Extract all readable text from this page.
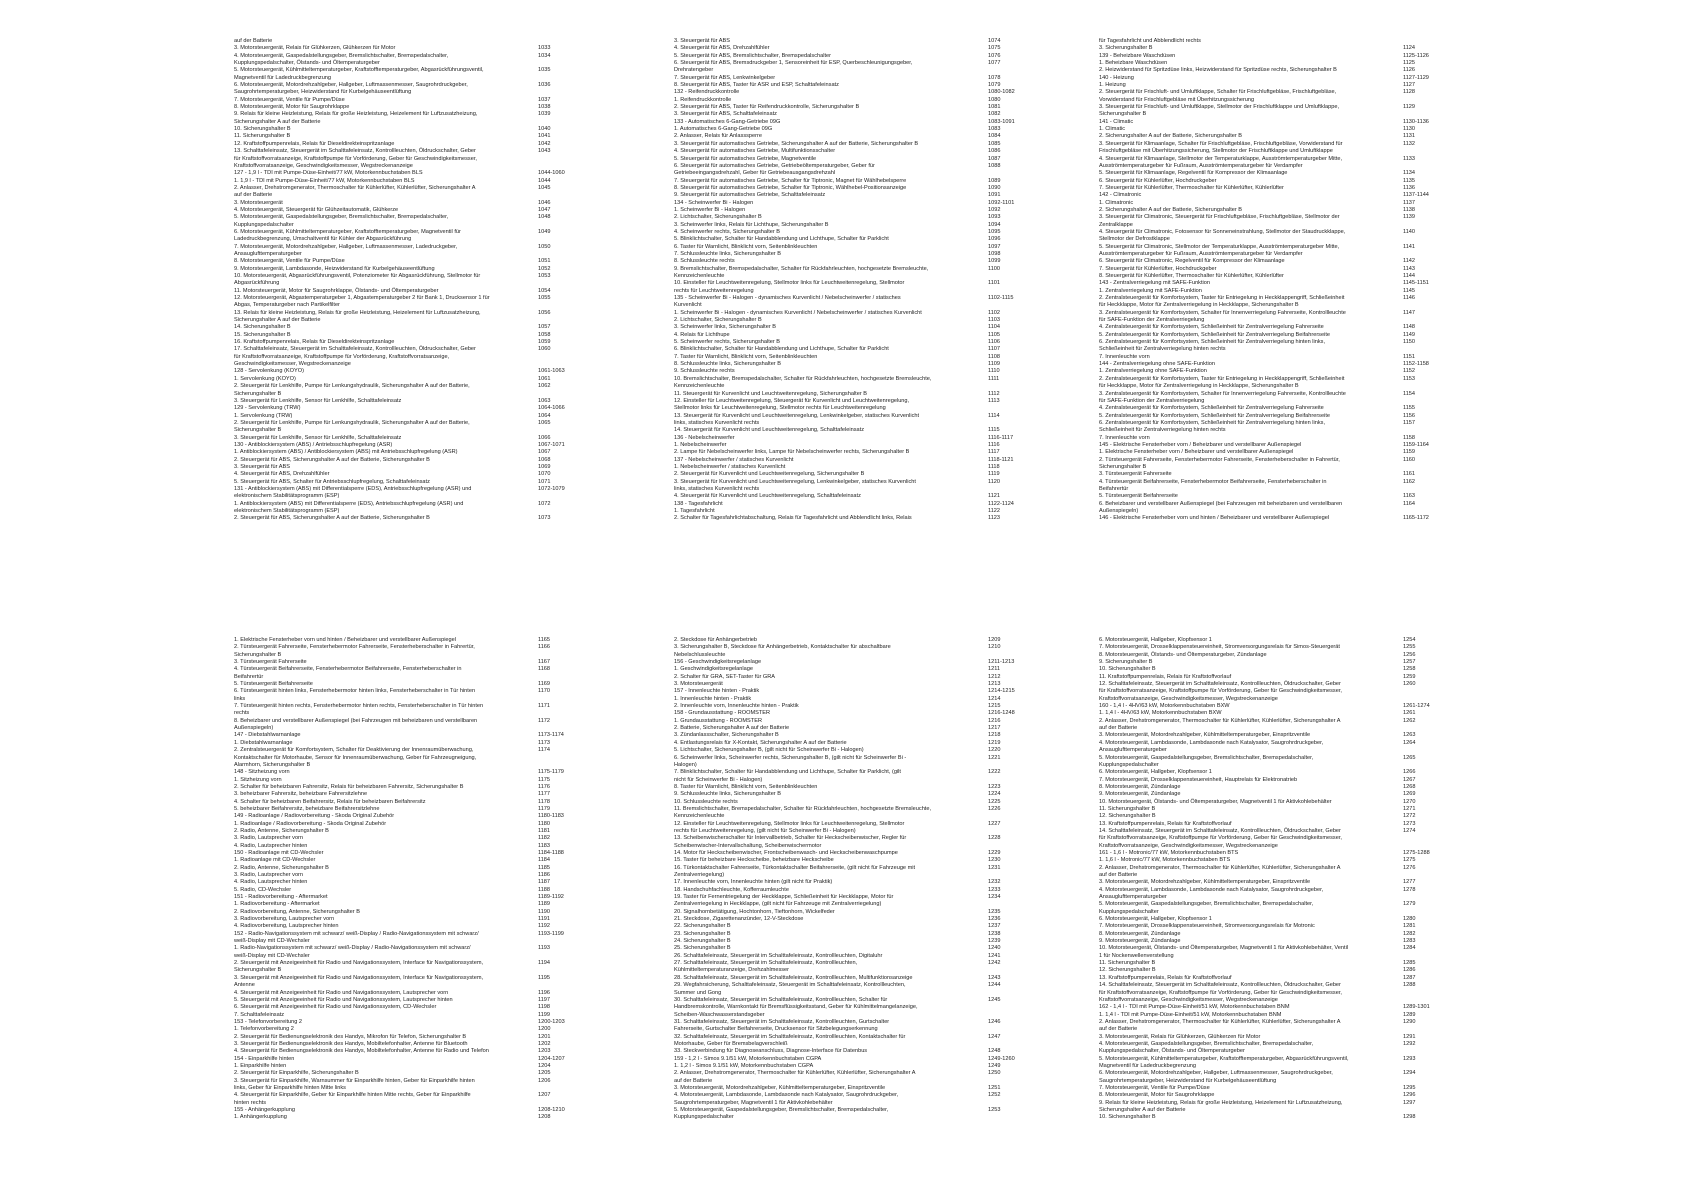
auf der Batterie
3. Motorsteuergerät, Relais für Glühkerzen, Glühkerzen für Motor	1033
4. Motorsteuergerät, Gaspedalstellungsgeber, Bremslichtschalter, Bremspedalschalter,
Kupplungspedalschalter, Ölstands- und Öltemperaturgeber
1034
5. Motorsteuergerät, Kühlmitteltemperaturgeber, Kraftstofftemperaturgeber, Abgasrückführungsventil,
Magnetventil für Ladedruckbegrenzung
1035
6. Motorsteuergerät, Motordrehzahlgeber, Hallgeber, Luftmassenmesser, Saugrohrdruckgeber,
Saugrohrtemperaturgeber, Heizwiderstand für Kurbelgehäuseentlüftung
1036
7. Motorsteuergerät, Ventile für Pumpe/Düse	1037
8. Motorsteuergerät, Motor für Saugrohrklappe	1038
9. Relais für kleine Heizleistung, Relais für große Heizleistung, Heizelement für Luftzusatzheizung,
Sicherungshalter A auf der Batterie
1039
10. Sicherungshalter B	1040
11. Sicherungshalter B	1041
12. Kraftstoffpumpenrelais, Relais für Dieseldirekteinspritzanlage	1042
13. Schalttafeleinsatz, Steuergerät im Schalttafeleinsatz, Kontrollleuchten, Öldruckschalter, Geber
für Kraftstoffvorratsanzeige, Kraftstoffpumpe für Vorförderung, Geber für Geschwindigkeitsmesser,
Kraftstoffvorratsanzeige, Geschwindigkeitsmesser, Wegstreckenanzeige
1043
127 - 1,9 l - TDI mit Pumpe-Düse-Einheit/77 kW, Motorkennbuchstaben BLS	1044-1060
1. 1,9 l - TDI mit Pumpe-Düse-Einheit/77 kW, Motorkennbuchstaben BLS	1044
2. Anlasser, Drehstromgenerator, Thermoschalter für Kühlerlüfter, Kühlerlüfter, Sicherungshalter A
auf der Batterie
1045
3. Motorsteuergerät	1046
4. Motorsteuergerät, Steuergerät für Glühzeitautomatik, Glühkerze	1047
5. Motorsteuergerät, Gaspedalstellungsgeber, Bremslichtschalter, Bremspedalschalter,
Kupplungspedalschalter
1048
6. Motorsteuergerät, Kühlmitteltemperaturgeber, Kraftstofftemperaturgeber, Magnetventil für
Ladedruckbegrenzung, Umschaltventil für Kühler der Abgasrückführung
1049
7. Motorsteuergerät, Motordrehzahlgeber, Hallgeber, Luftmassenmesser, Ladedruckgeber,
Ansauglufttemperaturgeber
1050
8. Motorsteuergerät, Ventile für Pumpe/Düse	1051
9. Motorsteuergerät, Lambdasonde, Heizwiderstand für Kurbelgehäuseentlüftung	1052
10. Motorsteuergerät, Abgasrückführungsventil, Potenziometer für Abgasrückführung, Stellmotor für
Abgasrückführung
1053
11. Motorsteuergerät, Motor für Saugrohrklappe, Ölstands- und Öltemperaturgeber	1054
12. Motorsteuergerät, Abgastemperaturgeber 1, Abgastemperaturgeber 2 für Bank 1, Drucksensor 1 für
Abgas, Temperaturgeber nach Partikelfilter
1055
13. Relais für kleine Heizleistung, Relais für große Heizleistung, Heizelement für Luftzusatzheizung,
Sicherungshalter A auf der Batterie
1056
14. Sicherungshalter B	1057
15. Sicherungshalter B	1058
16. Kraftstoffpumpenrelais, Relais für Dieseldirekteinspritzanlage	1059
17. Schalttafeleinsatz, Steuergerät im Schalttafeleinsatz, Kontrollleuchten, Öldruckschalter, Geber
für Kraftstoffvorratsanzeige, Kraftstoffpumpe für Vorförderung, Kraftstoffvorratsanzeige,
Geschwindigkeitsmesser, Wegstreckenanzeige
1060
128 - Servolenkung (KOYO)	1061-1063
1. Servolenkung (KOYO)	1061
2. Steuergerät für Lenkhilfe, Pumpe für Lenkungshydraulik, Sicherungshalter A auf der Batterie,
Sicherungshalter B
1062
3. Steuergerät für Lenkhilfe, Sensor für Lenkhilfe, Schalttafeleinsatz	1063
129 - Servolenkung (TRW)	1064-1066
1. Servolenkung (TRW)	1064
2. Steuergerät für Lenkhilfe, Pumpe für Lenkungshydraulik, Sicherungshalter A auf der Batterie,
Sicherungshalter B
1065
3. Steuergerät für Lenkhilfe, Sensor für Lenkhilfe, Schalttafeleinsatz	1066
130 - Antiblockiersystem (ABS) / Antriebsschlupfregelung (ASR)	1067-1071
1. Antiblockiersystem (ABS) / Antiblockiersystem (ABS) mit Antriebsschlupfregelung (ASR)	1067
2. Steuergerät für ABS, Sicherungshalter A auf der Batterie, Sicherungshalter B	1068
3. Steuergerät für ABS	1069
4. Steuergerät für ABS, Drehzahlfühler	1070
5. Steuergerät für ABS, Schalter für Antriebsschlupfregelung, Schalttafeleinsatz	1071
131 - Antiblockiersystem (ABS) mit Differentialsperre (EDS), Antriebsschlupfregelung (ASR) und
elektronischem Stabilitätsprogramm (ESP)
1072-1079
1. Antiblockiersystem (ABS) mit Differentialsperre (EDS), Antriebsschlupfregelung (ASR) und
elektronischem Stabilitätsprogramm (ESP)
1072
2. Steuergerät für ABS, Sicherungshalter A auf der Batterie, Sicherungshalter B	1073
3. Steuergerät für ABS	1074
4. Steuergerät für ABS, Drehzahlfühler	1075
5. Steuergerät für ABS, Bremslichtschalter, Bremspedalschalter	1076
6. Steuergerät für ABS, Bremsdruckgeber 1, Sensoreinheit für ESP, Querbeschleunigungsgeber,
Drehratengeber
1077
7. Steuergerät für ABS, Lenkwinkelgeber	1078
8. Steuergerät für ABS, Taster für ASR und ESP, Schalttafeleinsatz	1079
132 - Reifendruckkontrolle	1080-1082
1. Reifendruckkontrolle	1080
2. Steuergerät für ABS, Taster für Reifendruckkontrolle, Sicherungshalter B	1081
3. Steuergerät für ABS, Schalttafeleinsatz	1082
133 - Automatisches 6-Gang-Getriebe 09G	1083-1091
1. Automatisches 6-Gang-Getriebe 09G	1083
2. Anlasser, Relais für Anlasssperre	1084
3. Steuergerät für automatisches Getriebe, Sicherungshalter A auf der Batterie, Sicherungshalter B	1085
4. Steuergerät für automatisches Getriebe, Multifunktionsschalter	1086
5. Steuergerät für automatisches Getriebe, Magnetventile	1087
6. Steuergerät für automatisches Getriebe, Getriebeöltemperaturgeber, Geber für
Getriebeeingangsdrehzahl, Geber für Getriebeausgangsdrehzahl
1088
7. Steuergerät für automatisches Getriebe, Schalter für Tiptronic, Magnet für Wählhebelsperre	1089
8. Steuergerät für automatisches Getriebe, Schalter für Tiptronic, Wählhebel-Positionsanzeige	1090
9. Steuergerät für automatisches Getriebe, Schalttafeleinsatz	1091
134 - Scheinwerfer Bi - Halogen	1092-1101
1. Scheinwerfer Bi - Halogen	1092
2. Lichtschalter, Sicherungshalter B	1093
3. Scheinwerfer links, Relais für Lichthupe, Sicherungshalter B	1094
4. Scheinwerfer rechts, Sicherungshalter B	1095
5. Blinklichtschalter, Schalter für Handabblendung und Lichthupe, Schalter für Parklicht	1096
6. Taster für Warnlicht, Blinklicht vorn, Seitenblinkleuchten	1097
7. Schlussleuchte links, Sicherungshalter B	1098
8. Schlussleuchte rechts	1099
9. Bremslichtschalter, Bremspedalschalter, Schalter für Rückfahrleuchten, hochgesetzte Bremsleuchte,
Kennzeichenleuchte
1100
10. Einsteller für Leuchtweitenregelung, Stellmotor links für Leuchtweitenregelung, Stellmotor
rechts für Leuchtweitenregelung
1101
135 - Scheinwerfer Bi - Halogen - dynamisches Kurvenlicht / Nebelscheinwerfer / statisches
Kurvenlicht
1102-1115
1. Scheinwerfer Bi - Halogen - dynamisches Kurvenlicht / Nebelscheinwerfer / statisches Kurvenlicht	1102
2. Lichtschalter, Sicherungshalter B	1103
3. Scheinwerfer links, Sicherungshalter B	1104
4. Relais für Lichthupe	1105
5. Scheinwerfer rechts, Sicherungshalter B	1106
6. Blinklichtschalter, Schalter für Handabblendung und Lichthupe, Schalter für Parklicht	1107
7. Taster für Warnlicht, Blinklicht vorn, Seitenblinkleuchten	1108
8. Schlussleuchte links, Sicherungshalter B	1109
9. Schlussleuchte rechts	1110
10. Bremslichtschalter, Bremspedalschalter, Schalter für Rückfahrleuchten, hochgesetzte Bremsleuchte,
Kennzeichenleuchte
1111
11. Steuergerät für Kurvenlicht und Leuchtweitenregelung, Sicherungshalter B	1112
12. Einsteller für Leuchtweitenregelung, Steuergerät für Kurvenlicht und Leuchtweitenregelung,
Stellmotor links für Leuchtweitenregelung, Stellmotor rechts für Leuchtweitenregelung
1113
13. Steuergerät für Kurvenlicht und Leuchtweitenregelung, Lenkwinkelgeber, statisches Kurvenlicht
links, statisches Kurvenlicht rechts
1114
14. Steuergerät für Kurvenlicht und Leuchtweitenregelung, Schalttafeleinsatz	1115
136 - Nebelscheinwerfer	1116-1117
1. Nebelscheinwerfer	1116
2. Lampe für Nebelscheinwerfer links, Lampe für Nebelscheinwerfer rechts, Sicherungshalter B	1117
137 - Nebelscheinwerfer / statisches Kurvenlicht	1118-1121
1. Nebelscheinwerfer / statisches Kurvenlicht	1118
2. Steuergerät für Kurvenlicht und Leuchtweitenregelung, Sicherungshalter B	1119
3. Steuergerät für Kurvenlicht und Leuchtweitenregelung, Lenkwinkelgeber, statisches Kurvenlicht
links, statisches Kurvenlicht rechts
1120
4. Steuergerät für Kurvenlicht und Leuchtweitenregelung, Schalttafeleinsatz	1121
138 - Tagesfahrlicht	1122-1124
1. Tagesfahrlicht	1122
2. Schalter für Tagesfahrlichtabschaltung, Relais für Tagesfahrlicht und Abblendlicht links, Relais	1123
für Tagesfahrlicht und Abblendlicht rechts
3. Sicherungshalter B	1124
139 - Beheizbare Waschdüsen	1125-1126
1. Beheizbare Waschdüsen	1125
2. Heizwiderstand für Spritzdüse links, Heizwiderstand für Spritzdüse rechts, Sicherungshalter B	1126
140 - Heizung	1127-1129
1. Heizung	1127
2. Steuergerät für Frischluft- und Umluftklappe, Schalter für Frischluftgebläse, Frischluftgebläse,
Vorwiderstand für Frischluftgebläse mit Überhitzungssicherung
1128
3. Steuergerät für Frischluft- und Umluftklappe, Stellmotor der Frischluftklappe und Umluftklappe,
Sicherungshalter B
1129
141 - Climatic	1130-1136
1. Climatic	1130
2. Sicherungshalter A auf der Batterie, Sicherungshalter B	1131
3. Steuergerät für Klimaanlage, Schalter für Frischluftgebläse, Frischluftgebläse, Vorwiderstand für
Frischluftgebläse mit Überhitzungssicherung, Stellmotor der Frischluftklappe und Umluftklappe
1132
4. Steuergerät für Klimaanlage, Stellmotor der Temperaturklappe, Ausströmtemperaturgeber Mitte,
Ausströmtemperaturgeber für Fußraum, Ausströmtemperaturgeber für Verdampfer
1133
5. Steuergerät für Klimaanlage, Regelventil für Kompressor der Klimaanlage	1134
6. Steuergerät für Kühlerlüfter, Hochdruckgeber	1135
7. Steuergerät für Kühlerlüfter, Thermoschalter für Kühlerlüfter, Kühlerlüfter	1136
142 - Climatronic	1137-1144
1. Climatronic	1137
2. Sicherungshalter A auf der Batterie, Sicherungshalter B	1138
3. Steuergerät für Climatronic, Steuergerät für Frischluftgebläse, Frischluftgebläse, Stellmotor der
Zentralklappe
1139
4. Steuergerät für Climatronic, Fotosensor für Sonneneinstrahlung, Stellmotor der Staudruckklappe,
Stellmotor der Defrostklappe
1140
5. Steuergerät für Climatronic, Stellmotor der Temperaturklappe, Ausströmtemperaturgeber Mitte,
Ausströmtemperaturgeber für Fußraum, Ausströmtemperaturgeber für Verdampfer
1141
6. Steuergerät für Climatronic, Regelventil für Kompressor der Klimaanlage	1142
7. Steuergerät für Kühlerlüfter, Hochdruckgeber	1143
8. Steuergerät für Kühlerlüfter, Thermoschalter für Kühlerlüfter, Kühlerlüfter	1144
143 - Zentralverriegelung mit SAFE-Funktion	1145-1151
1. Zentralverriegelung mit SAFE-Funktion	1145
2. Zentralsteuergerät für Komfortsystem, Taster für Entriegelung in Heckklappengriff, Schließeinheit
für Heckklappe, Motor für Zentralverriegelung in Heckklappe, Sicherungshalter B
1146
3. Zentralsteuergerät für Komfortsystem, Schalter für Innenverriegelung Fahrerseite, Kontrollleuchte
für SAFE-Funktion der Zentralverriegelung
1147
4. Zentralsteuergerät für Komfortsystem, Schließeinheit für Zentralverriegelung Fahrerseite	1148
5. Zentralsteuergerät für Komfortsystem, Schließeinheit für Zentralverriegelung Beifahrerseite	1149
6. Zentralsteuergerät für Komfortsystem, Schließeinheit für Zentralverriegelung hinten links,
Schließeinheit für Zentralverriegelung hinten rechts
1150
7. Innenleuchte vorn	1151
144 - Zentralverriegelung ohne SAFE-Funktion	1152-1158
1. Zentralverriegelung ohne SAFE-Funktion	1152
2. Zentralsteuergerät für Komfortsystem, Taster für Entriegelung in Heckklappengriff, Schließeinheit
für Heckklappe, Motor für Zentralverriegelung in Heckklappe, Sicherungshalter B
1153
3. Zentralsteuergerät für Komfortsystem, Schalter für Innenverriegelung Fahrerseite, Kontrollleuchte
für SAFE-Funktion der Zentralverriegelung
1154
4. Zentralsteuergerät für Komfortsystem, Schließeinheit für Zentralverriegelung Fahrerseite	1155
5. Zentralsteuergerät für Komfortsystem, Schließeinheit für Zentralverriegelung Beifahrerseite	1156
6. Zentralsteuergerät für Komfortsystem, Schließeinheit für Zentralverriegelung hinten links,
Schließeinheit für Zentralverriegelung hinten rechts
1157
7. Innenleuchte vorn	1158
145 - Elektrische Fensterheber vorn / Beheizbarer und verstellbarer Außenspiegel	1159-1164
1. Elektrische Fensterheber vorn / Beheizbarer und verstellbarer Außenspiegel	1159
2. Türsteuergerät Fahrerseite, Fensterhebermotor Fahrerseite, Fensterheberschalter in Fahrertür,
Sicherungshalter B
1160
3. Türsteuergerät Fahrerseite	1161
4. Türsteuergerät Beifahrerseite, Fensterhebermotor Beifahrerseite, Fensterheberschalter in
Beifahrertür
1162
5. Türsteuergerät Beifahrerseite	1163
6. Beheizbarer und verstellbarer Außenspiegel (bei Fahrzeugen mit beheizbaren und verstellbaren
Außenspiegeln)
1164
146 - Elektrische Fensterheber vorn und hinten / Beheizbarer und verstellbarer Außenspiegel	1165-1172
1. Elektrische Fensterheber vorn und hinten / Beheizbarer und verstellbarer Außenspiegel	1165
2. Türsteuergerät Fahrerseite, Fensterhebermotor Fahrerseite, Fensterheberschalter in Fahrertür,
Sicherungshalter B
1166
3. Türsteuergerät Fahrerseite	1167
4. Türsteuergerät Beifahrerseite, Fensterhebermotor Beifahrerseite, Fensterheberschalter in
Beifahrertür
1168
5. Türsteuergerät Beifahrerseite	1169
6. Türsteuergerät hinten links, Fensterhebermotor hinten links, Fensterheberschalter in Tür hinten
links
1170
7. Türsteuergerät hinten rechts, Fensterhebermotor hinten rechts, Fensterheberschalter in Tür hinten
rechts
1171
8. Beheizbarer und verstellbarer Außenspiegel (bei Fahrzeugen mit beheizbaren und verstellbaren
Außenspiegeln)
1172
147 - Diebstahlwarnanlage	1173-1174
1. Diebstahlwarnanlage	1173
2. Zentralsteuergerät für Komfortsystem, Schalter für Deaktivierung der Innenraumüberwachung,
Kontaktschalter für Motorhaube, Sensor für Innenraumüberwachung, Geber für Fahrzeugneigung,
Alarmhorn, Sicherungshalter B
1174
148 - Sitzheizung vorn	1175-1179
1. Sitzheizung vorn	1175
2. Schalter für beheizbaren Fahrersitz, Relais für beheizbaren Fahrersitz, Sicherungshalter B	1176
3. beheizbarer Fahrersitz, beheizbare Fahrersitzlehne	1177
4. Schalter für beheizbaren Beifahrersitz, Relais für beheizbaren Beifahrersitz	1178
5. beheizbarer Beifahrersitz, beheizbare Beifahrersitzlehne	1179
149 - Radioanlage / Radiovorbereitung - Skoda Original Zubehör	1180-1183
1. Radioanlage / Radiovorbereitung - Skoda Original Zubehör	1180
2. Radio, Antenne, Sicherungshalter B	1181
3. Radio, Lautsprecher vorn	1182
4. Radio, Lautsprecher hinten	1183
150 - Radioanlage mit CD-Wechsler	1184-1188
1. Radioanlage mit CD-Wechsler	1184
2. Radio, Antenne, Sicherungshalter B	1185
3. Radio, Lautsprecher vorn	1186
4. Radio, Lautsprecher hinten	1187
5. Radio, CD-Wechsler	1188
151 - Radiovorbereitung - Aftermarket	1189-1192
1. Radiovorbereitung - Aftermarket	1189
2. Radiovorbereitung, Antenne, Sicherungshalter B	1190
3. Radiovorbereitung, Lautsprecher vorn	1191
4. Radiovorbereitung, Lautsprecher hinten	1192
152 - Radio-Navigationssystem mit schwarz/ weiß-Display / Radio-Navigationssystem mit schwarz/
weiß-Display mit CD-Wechsler
1193-1199
1. Radio-Navigationssystem mit schwarz/ weiß-Display / Radio-Navigationssystem mit schwarz/
weiß-Display mit CD-Wechsler
1193
2. Steuergerät mit Anzeigeeinheit für Radio und Navigationssystem, Interface für Navigationssystem,
Sicherungshalter B
1194
3. Steuergerät mit Anzeigeeinheit für Radio und Navigationssystem, Interface für Navigationssystem,
Antenne
1195
4. Steuergerät mit Anzeigeeinheit für Radio und Navigationssystem, Lautsprecher vorn	1196
5. Steuergerät mit Anzeigeeinheit für Radio und Navigationssystem, Lautsprecher hinten	1197
6. Steuergerät mit Anzeigeeinheit für Radio und Navigationssystem, CD-Wechsler	1198
7. Schalttafeleinsatz	1199
153 - Telefonvorbereitung 2	1200-1203
1. Telefonvorbereitung 2	1200
2. Steuergerät für Bedienungselektronik des Handys, Mikrofon für Telefon, Sicherungshalter B	1201
3. Steuergerät für Bedienungselektronik des Handys, Mobiltelefonhalter, Antenne für Bluetooth	1202
4. Steuergerät für Bedienungselektronik des Handys, Mobiltelefonhalter, Antenne für Radio und Telefon	1203
154 - Einparkhilfe hinten	1204-1207
1. Einparkhilfe hinten	1204
2. Steuergerät für Einparkhilfe, Sicherungshalter B	1205
3. Steuergerät für Einparkhilfe, Warnsummer für Einparkhilfe hinten, Geber für Einparkhilfe hinten
links, Geber für Einparkhilfe hinten Mitte links
1206
4. Steuergerät für Einparkhilfe, Geber für Einparkhilfe hinten Mitte rechts, Geber für Einparkhilfe
hinten rechts
1207
155 - Anhängerkupplung	1208-1210
1. Anhängerkupplung	1208
2. Steckdose für Anhängerbetrieb	1209
3. Sicherungshalter B, Steckdose für Anhängerbetrieb, Kontaktschalter für abschaltbare
Nebelschlussleuchte
1210
156 - Geschwindigkeitsregelanlage	1211-1213
1. Geschwindigkeitsregelanlage	1211
2. Schalter für GRA, SET-Taster für GRA	1212
3. Motorsteuergerät	1213
157 - Innenleuchte hinten - Praktik	1214-1215
1. Innenleuchte hinten - Praktik	1214
2. Innenleuchte vorn, Innenleuchte hinten - Praktik	1215
158 - Grundausstattung - ROOMSTER	1216-1248
1. Grundausstattung - ROOMSTER	1216
2. Batterie, Sicherungshalter A auf der Batterie	1217
3. Zündanlassschalter, Sicherungshalter B	1218
4. Entlastungsrelais für X-Kontakt, Sicherungshalter A auf der Batterie	1219
5. Lichtschalter, Sicherungshalter B, (gilt nicht für Scheinwerfer Bi - Halogen)	1220
6. Scheinwerfer links, Scheinwerfer rechts, Sicherungshalter B, (gilt nicht für Scheinwerfer Bi -
Halogen)
1221
7. Blinklichtschalter, Schalter für Handabblendung und Lichthupe, Schalter für Parklicht, (gilt
nicht für Scheinwerfer Bi - Halogen)
1222
8. Taster für Warnlicht, Blinklicht vorn, Seitenblinkleuchten	1223
9. Schlussleuchte links, Sicherungshalter B	1224
10. Schlussleuchte rechts	1225
11. Bremslichtschalter, Bremspedalschalter, Schalter für Rückfahrleuchten, hochgesetzte Bremsleuchte,
Kennzeichenleuchte
1226
12. Einsteller für Leuchtweitenregelung, Stellmotor links für Leuchtweitenregelung, Stellmotor
rechts für Leuchtweitenregelung, (gilt nicht für Scheinwerfer Bi - Halogen)
1227
13. Scheibenwischerschalter für Intervallbetrieb, Schalter für Heckscheibenwischer, Regler für
Scheibenwischer-Intervallschaltung, Scheibenwischermotor
1228
14. Motor für Heckscheibenwischer, Frontscheibenwasch- und Heckscheibenwaschpumpe	1229
15. Taster für beheizbare Heckscheibe, beheizbare Heckscheibe	1230
16. Türkontaktschalter Fahrerseite, Türkontaktschalter Beifahrerseite, (gilt nicht für Fahrzeuge mit
Zentralverriegelung)
1231
17. Innenleuchte vorn, Innenleuchte hinten (gilt nicht für Praktik)	1232
18. Handschuhfachleuchte, Kofferraumleuchte	1233
19. Taster für Fernentriegelung der Heckklappe, Schließeinheit für Heckklappe, Motor für
Zentralverriegelung in Heckklappe, (gilt nicht für Fahrzeuge mit Zentralverriegelung)
1234
20. Signalhornbetätigung, Hochtonhorn, Tieftonhorn, Wickelfeder	1235
21. Steckdose, Zigarettenanzünder, 12-V-Steckdose	1236
22. Sicherungshalter B	1237
23. Sicherungshalter B	1238
24. Sicherungshalter B	1239
25. Sicherungshalter B	1240
26. Schalttafeleinsatz, Steuergerät im Schalttafeleinsatz, Kontrollleuchten, Digitaluhr	1241
27. Schalttafeleinsatz, Steuergerät im Schalttafeleinsatz, Kontrollleuchten,
Kühlmitteltemperaturanzeige, Drehzahlmesser
1242
28. Schalttafeleinsatz, Steuergerät im Schalttafeleinsatz, Kontrollleuchten, Multifunktionsanzeige	1243
29. Wegfahrsicherung, Schalttafeleinsatz, Steuergerät im Schalttafeleinsatz, Kontrollleuchten,
Summer und Gong
1244
30. Schalttafeleinsatz, Steuergerät im Schalttafeleinsatz, Kontrollleuchten, Schalter für
Handbremskontrolle, Warnkontakt für Bremsflüssigkeitsstand, Geber für Kühlmittelmangelanzeige,
Scheiben-Waschwasserstandsgeber
1245
31. Schalttafeleinsatz, Steuergerät im Schalttafeleinsatz, Kontrollleuchten, Gurtschalter
Fahrerseite, Gurtschalter Beifahrerseite, Drucksensor für Sitzbelegungserkennung
1246
32. Schalttafeleinsatz, Steuergerät im Schalttafeleinsatz, Kontrollleuchten, Kontaktschalter für
Motorhaube, Geber für Bremsbelagverschleiß
1247
33. Steckverbindung für Diagnoseanschluss, Diagnose-Interface für Datenbus	1248
159 - 1,2 l - Simos 9.1/51 kW, Motorkennbuchstaben CGPA	1249-1260
1. 1,2 l - Simos 9.1/51 kW, Motorkennbuchstaben CGPA	1249
2. Anlasser, Drehstromgenerator, Thermoschalter für Kühlerlüfter, Kühlerlüfter, Sicherungshalter A
auf der Batterie
1250
3. Motorsteuergerät, Motordrehzahlgeber, Kühlmitteltemperaturgeber, Einspritzventile	1251
4. Motorsteuergerät, Lambdasonde, Lambdasonde nach Katalysator, Saugrohrdruckgeber,
Saugrohrtemperaturgeber, Magnetventil 1 für Aktivkohlebehälter
1252
5. Motorsteuergerät, Gaspedalstellungsgeber, Bremslichtschalter, Bremspedalschalter,
Kupplungspedalschalter
1253
6. Motorsteuergerät, Hallgeber, Klopfsensor 1	1254
7. Motorsteuergerät, Drosselklappensteuereinheit, Stromversorgungsrelais für Simos-Steuergerät	1255
8. Motorsteuergerät, Ölstands- und Öltemperaturgeber, Zündanlage	1256
9. Sicherungshalter B	1257
10. Sicherungshalter B	1258
11. Kraftstoffpumpenrelais, Relais für Kraftstoffvorlauf	1259
12. Schalttafeleinsatz, Steuergerät im Schalttafeleinsatz, Kontrollleuchten, Öldruckschalter, Geber
für Kraftstoffvorratsanzeige, Kraftstoffpumpe für Vorförderung, Geber für Geschwindigkeitsmesser,
Kraftstoffvorratsanzeige, Geschwindigkeitsmesser, Wegstreckenanzeige
1260
160 - 1,4 l - 4HV/63 kW, Motorkennbuchstaben BXW	1261-1274
1. 1,4 l - 4HV/63 kW, Motorkennbuchstaben BXW	1261
2. Anlasser, Drehstromgenerator, Thermoschalter für Kühlerlüfter, Kühlerlüfter, Sicherungshalter A
auf der Batterie
1262
3. Motorsteuergerät, Motordrehzahlgeber, Kühlmitteltemperaturgeber, Einspritzventile	1263
4. Motorsteuergerät, Lambdasonde, Lambdasonde nach Katalysator, Saugrohrdruckgeber,
Ansauglufttemperaturgeber
1264
5. Motorsteuergerät, Gaspedalstellungsgeber, Bremslichtschalter, Bremspedalschalter,
Kupplungspedalschalter
1265
6. Motorsteuergerät, Hallgeber, Klopfsensor 1	1266
7. Motorsteuergerät, Drosselklappensteuereinheit, Hauptrelais für Elektronatrieb	1267
8. Motorsteuergerät, Zündanlage	1268
9. Motorsteuergerät, Zündanlage	1269
10. Motorsteuergerät, Ölstands- und Öltemperaturgeber, Magnetventil 1 für Aktivkohlebehälter	1270
11. Sicherungshalter B	1271
12. Sicherungshalter B	1272
13. Kraftstoffpumpenrelais, Relais für Kraftstoffvorlauf	1273
14. Schalttafeleinsatz, Steuergerät im Schalttafeleinsatz, Kontrollleuchten, Öldruckschalter, Geber
für Kraftstoffvorratsanzeige, Kraftstoffpumpe für Vorförderung, Geber für Geschwindigkeitsmesser,
Kraftstoffvorratsanzeige, Geschwindigkeitsmesser, Wegstreckenanzeige
1274
161 - 1,6 l - Motronic/77 kW, Motorkennbuchstaben BTS	1275-1288
1. 1,6 l - Motronic/77 kW, Motorkennbuchstaben BTS	1275
2. Anlasser, Drehstromgenerator, Thermoschalter für Kühlerlüfter, Kühlerlüfter, Sicherungshalter A
auf der Batterie
1276
3. Motorsteuergerät, Motordrehzahlgeber, Kühlmitteltemperaturgeber, Einspritzventile	1277
4. Motorsteuergerät, Lambdasonde, Lambdasonde nach Katalysator, Saugrohrdruckgeber,
Ansauglufttemperaturgeber
1278
5. Motorsteuergerät, Gaspedalstellungsgeber, Bremslichtschalter, Bremspedalschalter,
Kupplungspedalschalter
1279
6. Motorsteuergerät, Hallgeber, Klopfsensor 1	1280
7. Motorsteuergerät, Drosselklappensteuereinheit, Stromversorgungsrelais für Motronic	1281
8. Motorsteuergerät, Zündanlage	1282
9. Motorsteuergerät, Zündanlage	1283
10. Motorsteuergerät, Ölstands- und Öltemperaturgeber, Magnetventil 1 für Aktivkohlebehälter, Ventil
1 für Nockenwellenverstellung
1284
11. Sicherungshalter B	1285
12. Sicherungshalter B	1286
13. Kraftstoffpumpenrelais, Relais für Kraftstoffvorlauf	1287
14. Schalttafeleinsatz, Steuergerät im Schalttafeleinsatz, Kontrollleuchten, Öldruckschalter, Geber
für Kraftstoffvorratsanzeige, Kraftstoffpumpe für Vorförderung, Geber für Geschwindigkeitsmesser,
Kraftstoffvorratsanzeige, Geschwindigkeitsmesser, Wegstreckenanzeige
1288
162 - 1,4 l - TDI mit Pumpe-Düse-Einheit/51 kW, Motorkennbuchstaben BNM	1289-1301
1. 1,4 l - TDI mit Pumpe-Düse-Einheit/51 kW, Motorkennbuchstaben BNM	1289
2. Anlasser, Drehstromgenerator, Thermoschalter für Kühlerlüfter, Kühlerlüfter, Sicherungshalter A
auf der Batterie
1290
3. Motorsteuergerät, Relais für Glühkerzen, Glühkerzen für Motor	1291
4. Motorsteuergerät, Gaspedalstellungsgeber, Bremslichtschalter, Bremspedalschalter,
Kupplungspedalschalter, Ölstands- und Öltemperaturgeber
1292
5. Motorsteuergerät, Kühlmitteltemperaturgeber, Kraftstofftemperaturgeber, Abgasrückführungsventil,
Magnetventil für Ladedruckbegrenzung
1293
6. Motorsteuergerät, Motordrehzahlgeber, Hallgeber, Luftmassenmesser, Saugrohrdruckgeber,
Saugrohrtemperaturgeber, Heizwiderstand für Kurbelgehäuseentlüftung
1294
7. Motorsteuergerät, Ventile für Pumpe/Düse	1295
8. Motorsteuergerät, Motor für Saugrohrklappe	1296
9. Relais für kleine Heizleistung, Relais für große Heizleistung, Heizelement für Luftzusatzheizung,
Sicherungshalter A auf der Batterie
1297
10. Sicherungshalter B	1298
